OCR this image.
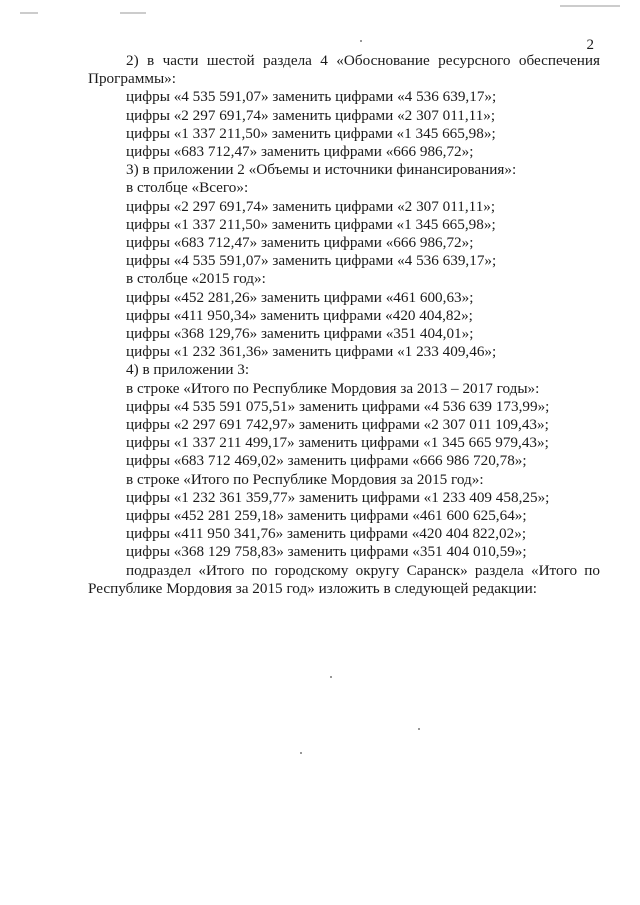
2
2) в части шестой раздела 4 «Обоснование ресурсного обеспечения
Программы»:
цифры «4 535 591,07» заменить цифрами «4 536 639,17»;
цифры «2 297 691,74» заменить цифрами «2 307 011,11»;
цифры «1 337 211,50» заменить цифрами «1 345 665,98»;
цифры «683 712,47» заменить цифрами «666 986,72»;
3) в приложении 2 «Объемы и источники финансирования»:
в столбце «Всего»:
цифры «2 297 691,74» заменить цифрами «2 307 011,11»;
цифры «1 337 211,50» заменить цифрами «1 345 665,98»;
цифры «683 712,47» заменить цифрами «666 986,72»;
цифры «4 535 591,07» заменить цифрами «4 536 639,17»;
в столбце «2015 год»:
цифры «452 281,26» заменить цифрами «461 600,63»;
цифры «411 950,34» заменить цифрами «420 404,82»;
цифры «368 129,76» заменить цифрами «351 404,01»;
цифры «1 232 361,36» заменить цифрами «1 233 409,46»;
4) в приложении 3:
в строке «Итого по Республике Мордовия за 2013 – 2017 годы»:
цифры «4 535 591 075,51» заменить цифрами «4 536 639 173,99»;
цифры «2 297 691 742,97» заменить цифрами «2 307 011 109,43»;
цифры «1 337 211 499,17» заменить цифрами «1 345 665 979,43»;
цифры «683 712 469,02» заменить цифрами «666 986 720,78»;
в строке «Итого по Республике Мордовия за 2015 год»:
цифры «1 232 361 359,77» заменить цифрами «1 233 409 458,25»;
цифры «452 281 259,18» заменить цифрами «461 600 625,64»;
цифры «411 950 341,76» заменить цифрами «420 404 822,02»;
цифры «368 129 758,83» заменить цифрами «351 404 010,59»;
подраздел «Итого по городскому округу Саранск» раздела «Итого по
Республике Мордовия за 2015 год» изложить в следующей редакции:
